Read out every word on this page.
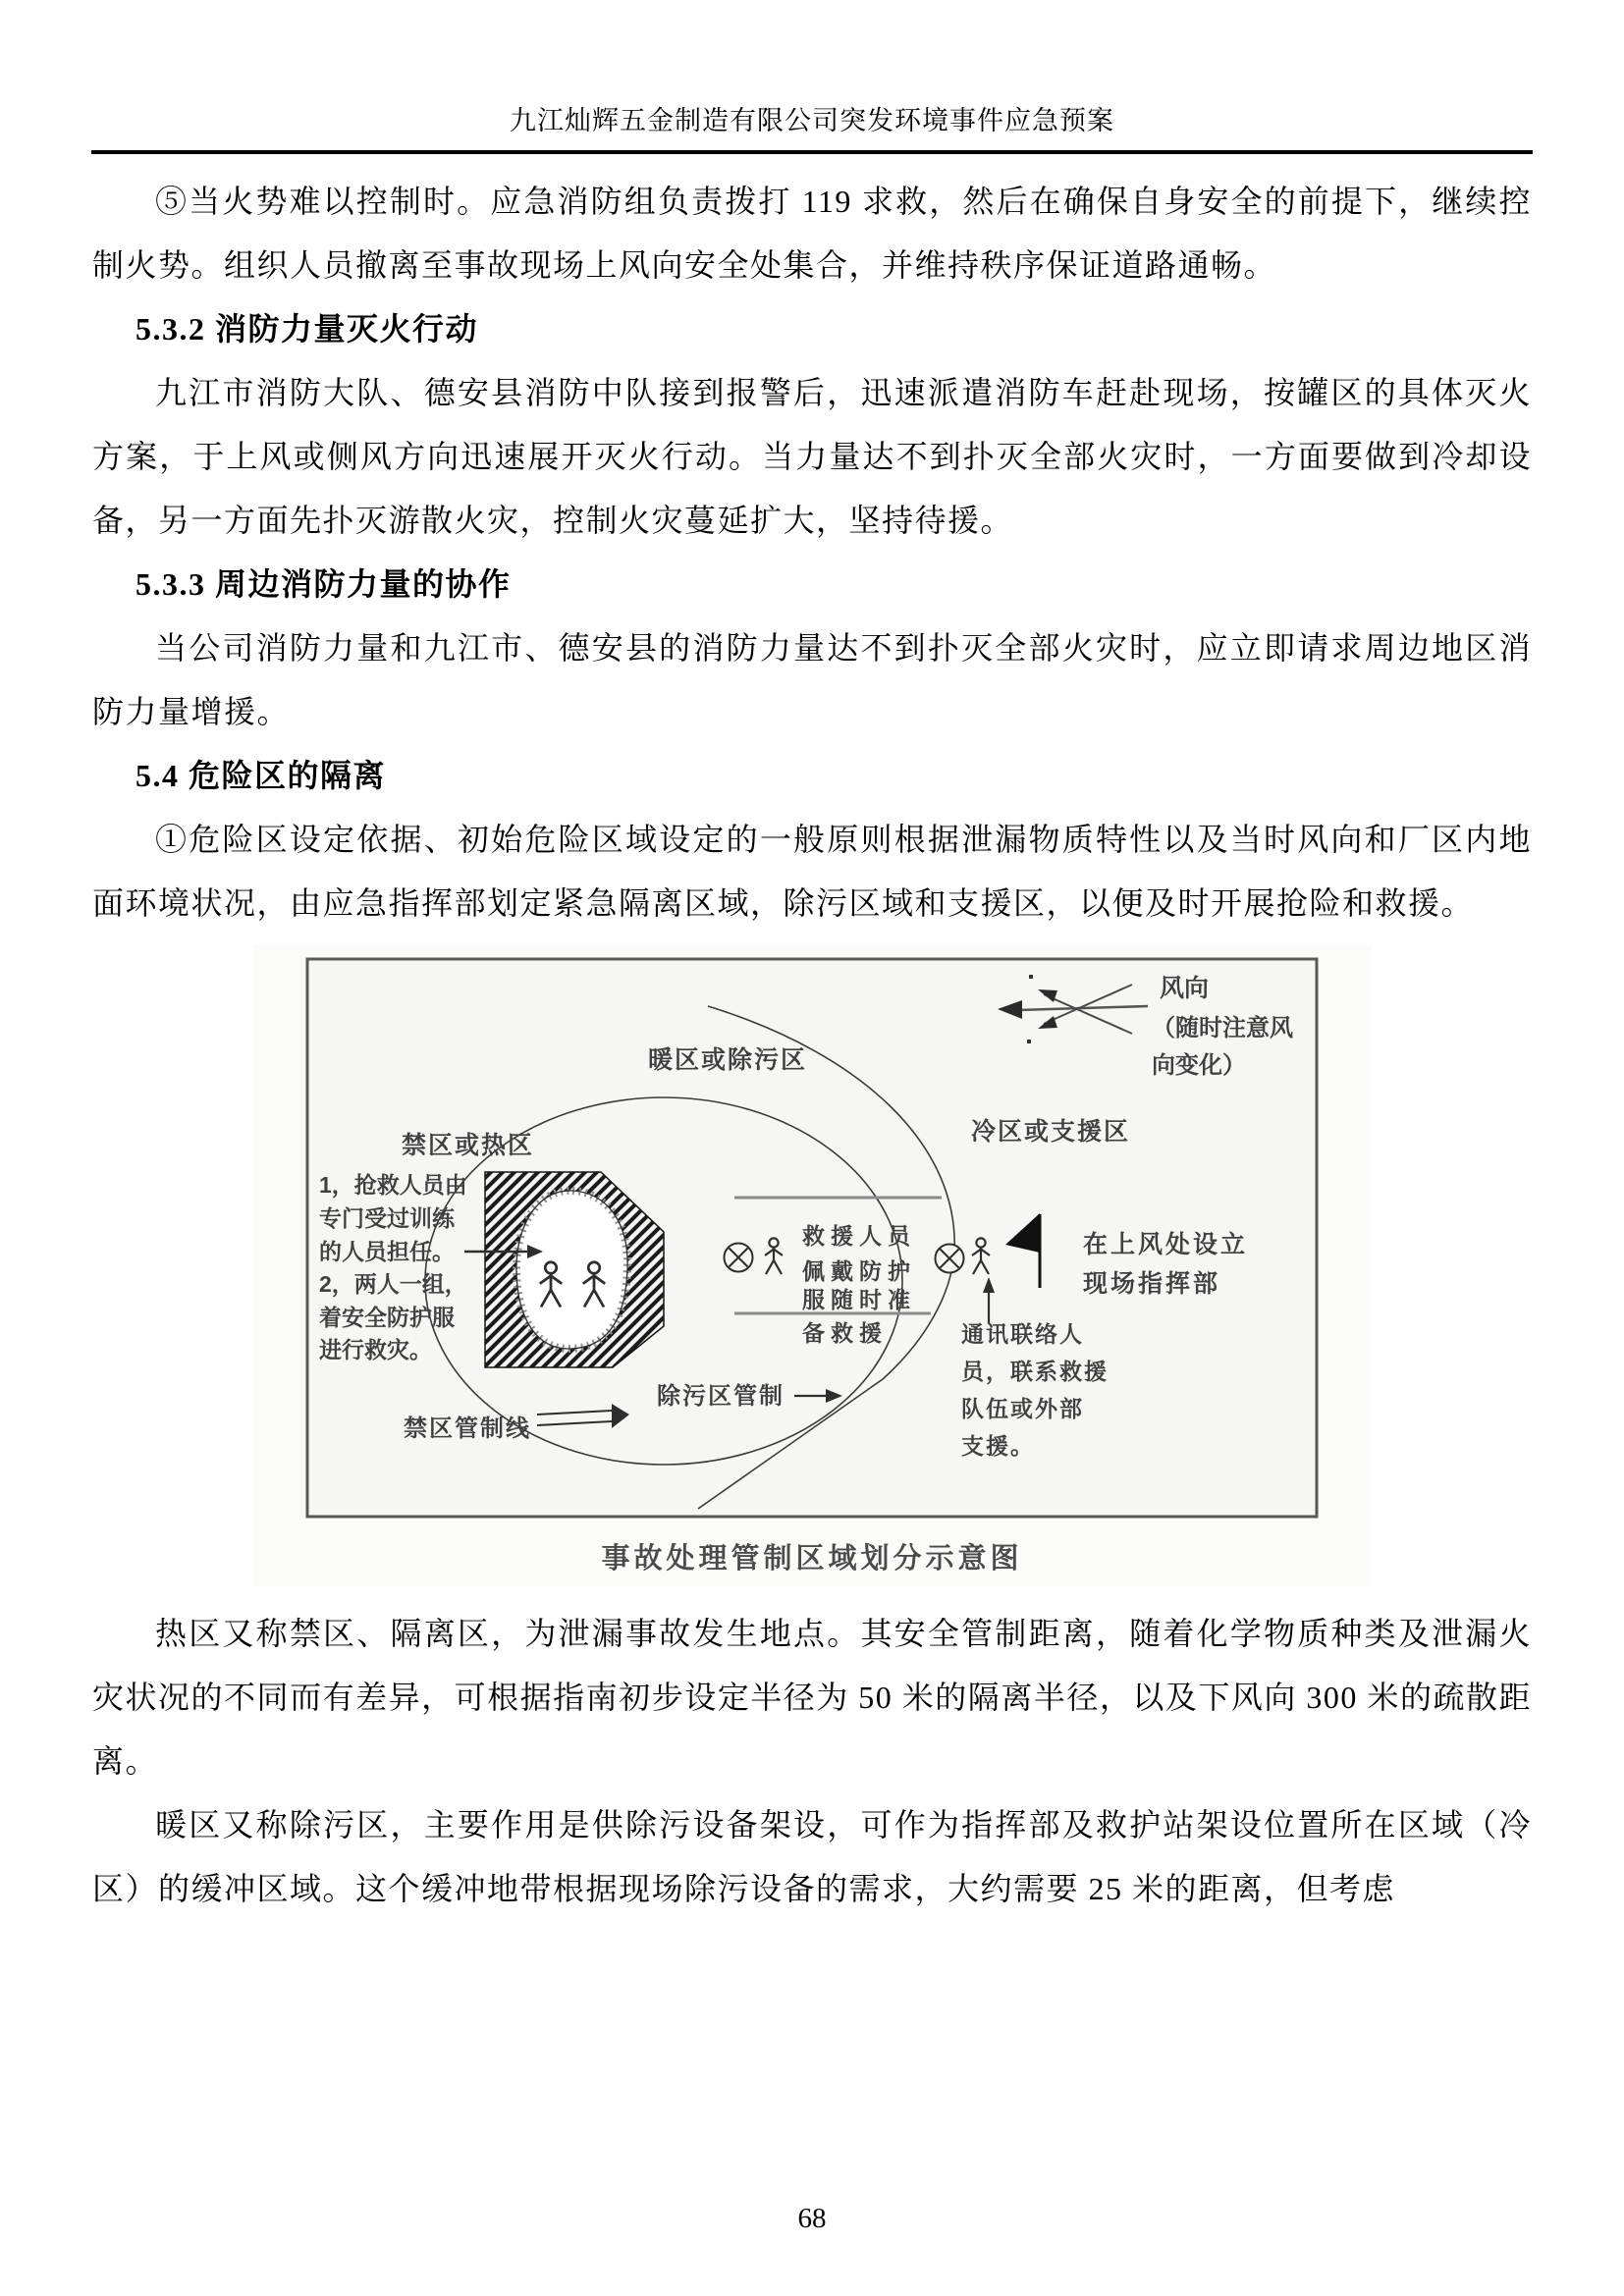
九江灿辉五金制造有限公司突发环境事件应急预案

⑤当火势难以控制时。应急消防组负责拨打 119 求救，然后在确保自身安全的前提下，继续控制火势。组织人员撤离至事故现场上风向安全处集合，并维持秩序保证道路通畅。

5.3.2 消防力量灭火行动

九江市消防大队、德安县消防中队接到报警后，迅速派遣消防车赶赴现场，按罐区的具体灭火方案，于上风或侧风方向迅速展开灭火行动。当力量达不到扑灭全部火灾时，一方面要做到冷却设备，另一方面先扑灭游散火灾，控制火灾蔓延扩大，坚持待援。

5.3.3 周边消防力量的协作

当公司消防力量和九江市、德安县的消防力量达不到扑灭全部火灾时，应立即请求周边地区消防力量增援。

5.4 危险区的隔离

①危险区设定依据、初始危险区域设定的一般原则根据泄漏物质特性以及当时风向和厂区内地面环境状况，由应急指挥部划定紧急隔离区域，除污区域和支援区，以便及时开展抢险和救援。

风向
（随时注意风
向变化）
暖区或除污区
禁区或热区	冷区或支援区
1，抢救人员由
专门受过训练
的人员担任。
2，两人一组，
着安全防护服
进行救灾。
救援人员
佩戴防护
服随时准
备救援
在上风处设立
现场指挥部
通讯联络人
员，联系救援
队伍或外部
支援。
除污区管制
禁区管制线
事故处理管制区域划分示意图

热区又称禁区、隔离区，为泄漏事故发生地点。其安全管制距离，随着化学物质种类及泄漏火灾状况的不同而有差异，可根据指南初步设定半径为 50 米的隔离半径，以及下风向 300 米的疏散距离。

暖区又称除污区，主要作用是供除污设备架设，可作为指挥部及救护站架设位置所在区域（冷区）的缓冲区域。这个缓冲地带根据现场除污设备的需求，大约需要 25 米的距离，但考虑

68
